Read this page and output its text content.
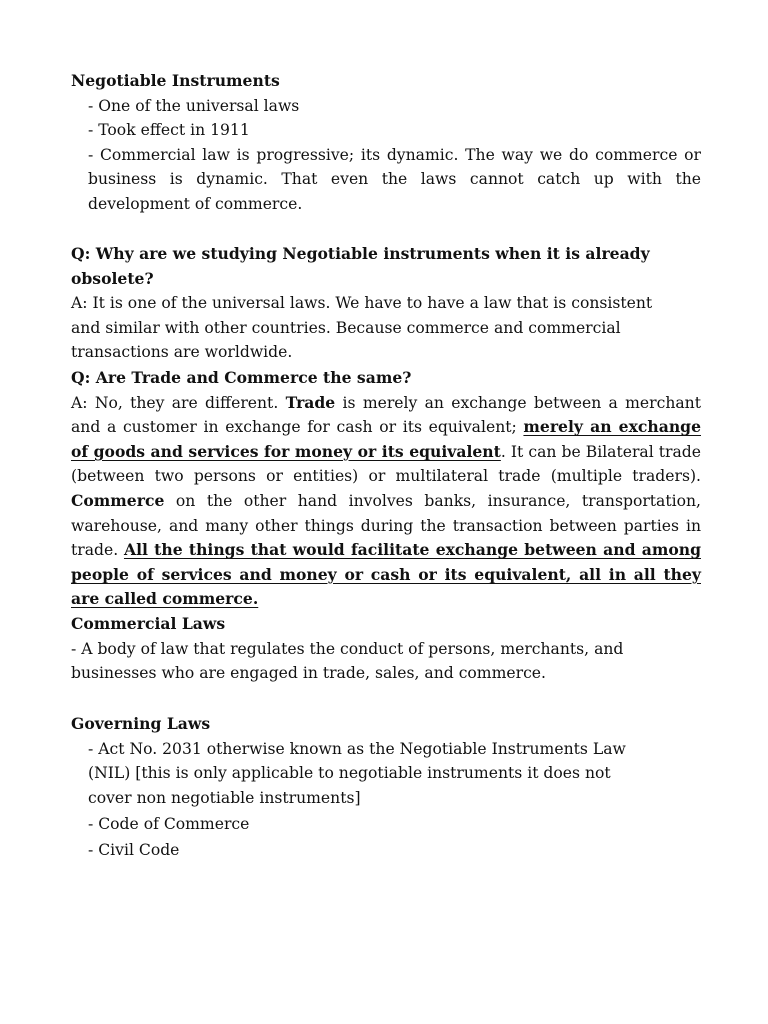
Negotiable Instruments

- One of the universal laws

- Took effect in 1911

- Commercial law is progressive; its dynamic. The way we do commerce or business is dynamic. That even the laws cannot catch up with the development of commerce.

Q: Why are we studying Negotiable instruments when it is already obsolete?

A: It is one of the universal laws. We have to have a law that is consistent and similar with other countries. Because commerce and commercial transactions are worldwide.

Q: Are Trade and Commerce the same?

A: No, they are different. Trade is merely an exchange between a merchant and a customer in exchange for cash or its equivalent; merely an exchange of goods and services for money or its equivalent. It can be Bilateral trade (between two persons or entities) or multilateral trade (multiple traders). Commerce on the other hand involves banks, insurance, transportation, warehouse, and many other things during the transaction between parties in trade. All the things that would facilitate exchange between and among people of services and money or cash or its equivalent, all in all they are called commerce.

Commercial Laws

- A body of law that regulates the conduct of persons, merchants, and businesses who are engaged in trade, sales, and commerce.

Governing Laws

- Act No. 2031 otherwise known as the Negotiable Instruments Law (NIL) [this is only applicable to negotiable instruments it does not cover non negotiable instruments]

- Code of Commerce

- Civil Code
